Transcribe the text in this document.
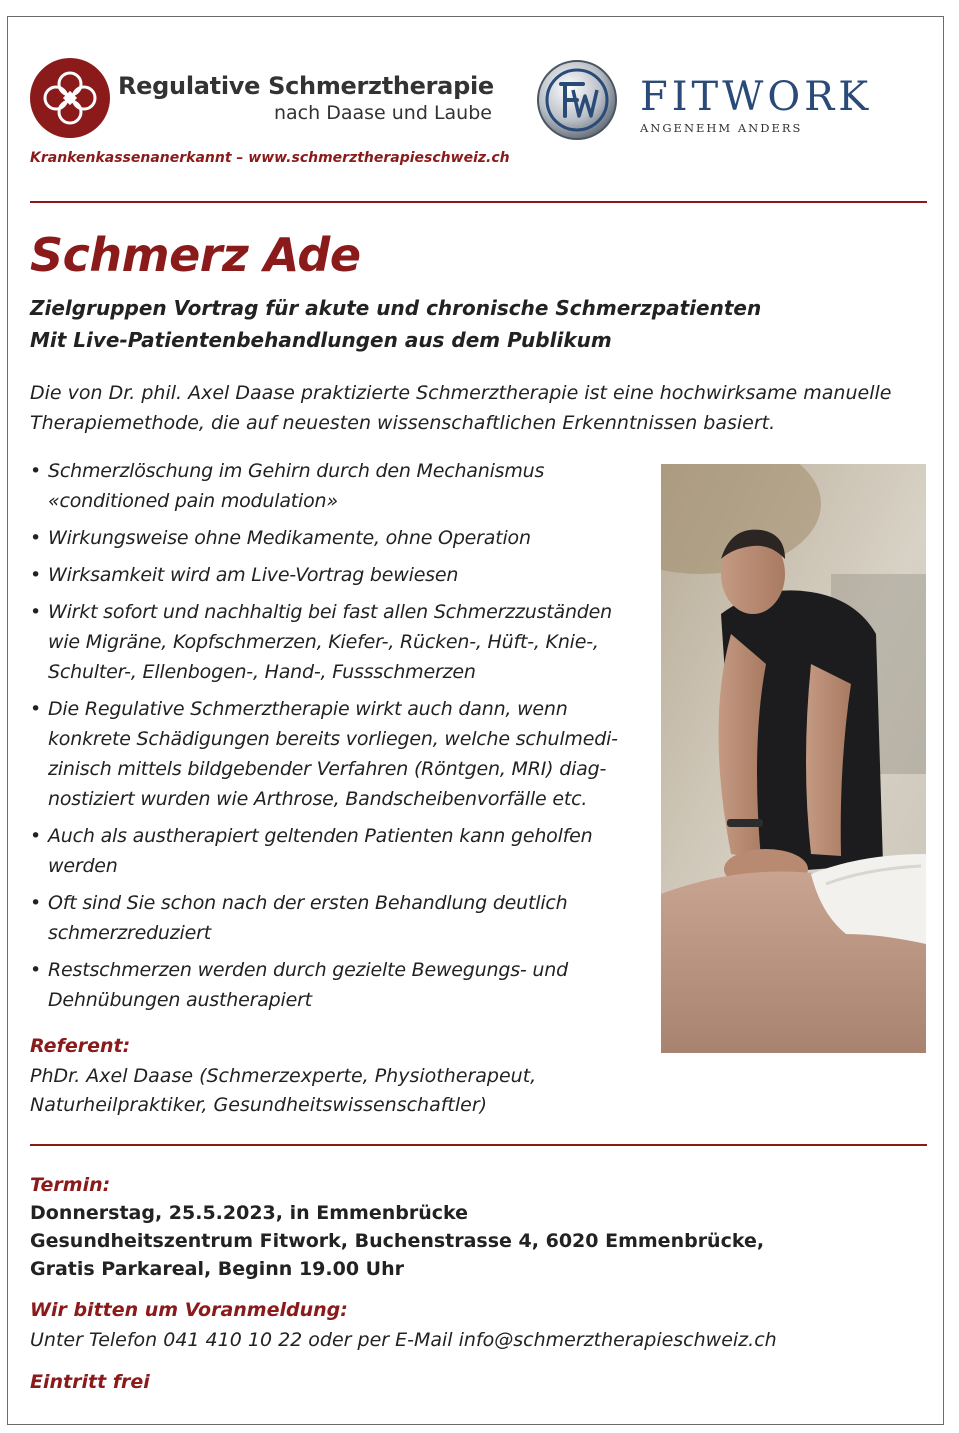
Regulative Schmerztherapie
nach Daase und Laube	FITWORK
ANGENEHM ANDERS
Krankenkassenanerkannt – www.schmerztherapieschweiz.ch
Schmerz Ade
Zielgruppen Vortrag für akute und chronische Schmerzpatienten
Mit Live-Patientenbehandlungen aus dem Publikum
Die von Dr. phil. Axel Daase praktizierte Schmerztherapie ist eine hochwirksame manuelle
Therapiemethode, die auf neuesten wissenschaftlichen Erkenntnissen basiert.
• Schmerzlöschung im Gehirn durch den Mechanismus
«conditioned pain modulation»
• Wirkungsweise ohne Medikamente, ohne Operation
• Wirksamkeit wird am Live-Vortrag bewiesen
• Wirkt sofort und nachhaltig bei fast allen Schmerzzuständen
wie Migräne, Kopfschmerzen, Kiefer-, Rücken-, Hüft-, Knie-,
Schulter-, Ellenbogen-, Hand-, Fussschmerzen
• Die Regulative Schmerztherapie wirkt auch dann, wenn
konkrete Schädigungen bereits vorliegen, welche schulmedi-
zinisch mittels bildgebender Verfahren (Röntgen, MRI) diag-
nostiziert wurden wie Arthrose, Bandscheibenvorfälle etc.
• Auch als austherapiert geltenden Patienten kann geholfen
werden
• Oft sind Sie schon nach der ersten Behandlung deutlich
schmerzreduziert
• Restschmerzen werden durch gezielte Bewegungs- und
Dehnübungen austherapiert
Referent:
PhDr. Axel Daase (Schmerzexperte, Physiotherapeut,
Naturheilpraktiker, Gesundheitswissenschaftler)
Termin:
Donnerstag, 25.5.2023, in Emmenbrücke
Gesundheitszentrum Fitwork, Buchenstrasse 4, 6020 Emmenbrücke,
Gratis Parkareal, Beginn 19.00 Uhr
Wir bitten um Voranmeldung:
Unter Telefon 041 410 10 22 oder per E-Mail info@schmerztherapieschweiz.ch
Eintritt frei
